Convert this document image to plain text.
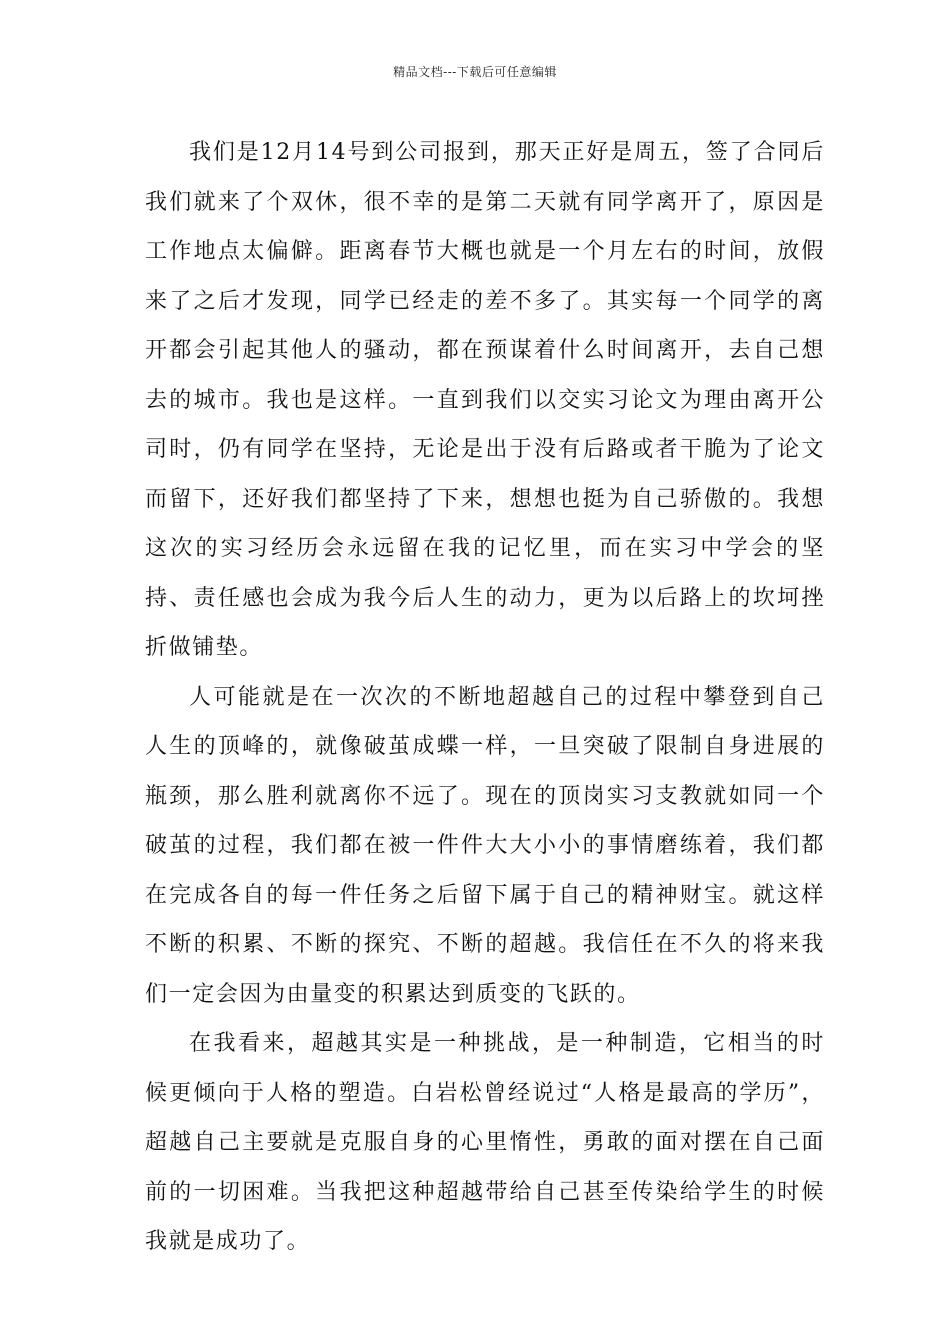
精品文档---下载后可任意编辑

我们是12月14号到公司报到，那天正好是周五，签了合同后我们就来了个双休，很不幸的是第二天就有同学离开了，原因是工作地点太偏僻。距离春节大概也就是一个月左右的时间，放假来了之后才发现，同学已经走的差不多了。其实每一个同学的离开都会引起其他人的骚动，都在预谋着什么时间离开，去自己想去的城市。我也是这样。一直到我们以交实习论文为理由离开公司时，仍有同学在坚持，无论是出于没有后路或者干脆为了论文而留下，还好我们都坚持了下来，想想也挺为自己骄傲的。我想这次的实习经历会永远留在我的记忆里，而在实习中学会的坚持、责任感也会成为我今后人生的动力，更为以后路上的坎坷挫折做铺垫。

人可能就是在一次次的不断地超越自己的过程中攀登到自己人生的顶峰的，就像破茧成蝶一样，一旦突破了限制自身进展的瓶颈，那么胜利就离你不远了。现在的顶岗实习支教就如同一个破茧的过程，我们都在被一件件大大小小的事情磨练着，我们都在完成各自的每一件任务之后留下属于自己的精神财宝。就这样不断的积累、不断的探究、不断的超越。我信任在不久的将来我们一定会因为由量变的积累达到质变的飞跃的。

在我看来，超越其实是一种挑战，是一种制造，它相当的时候更倾向于人格的塑造。白岩松曾经说过“人格是最高的学历”，超越自己主要就是克服自身的心里惰性，勇敢的面对摆在自己面前的一切困难。当我把这种超越带给自己甚至传染给学生的时候我就是成功了。
